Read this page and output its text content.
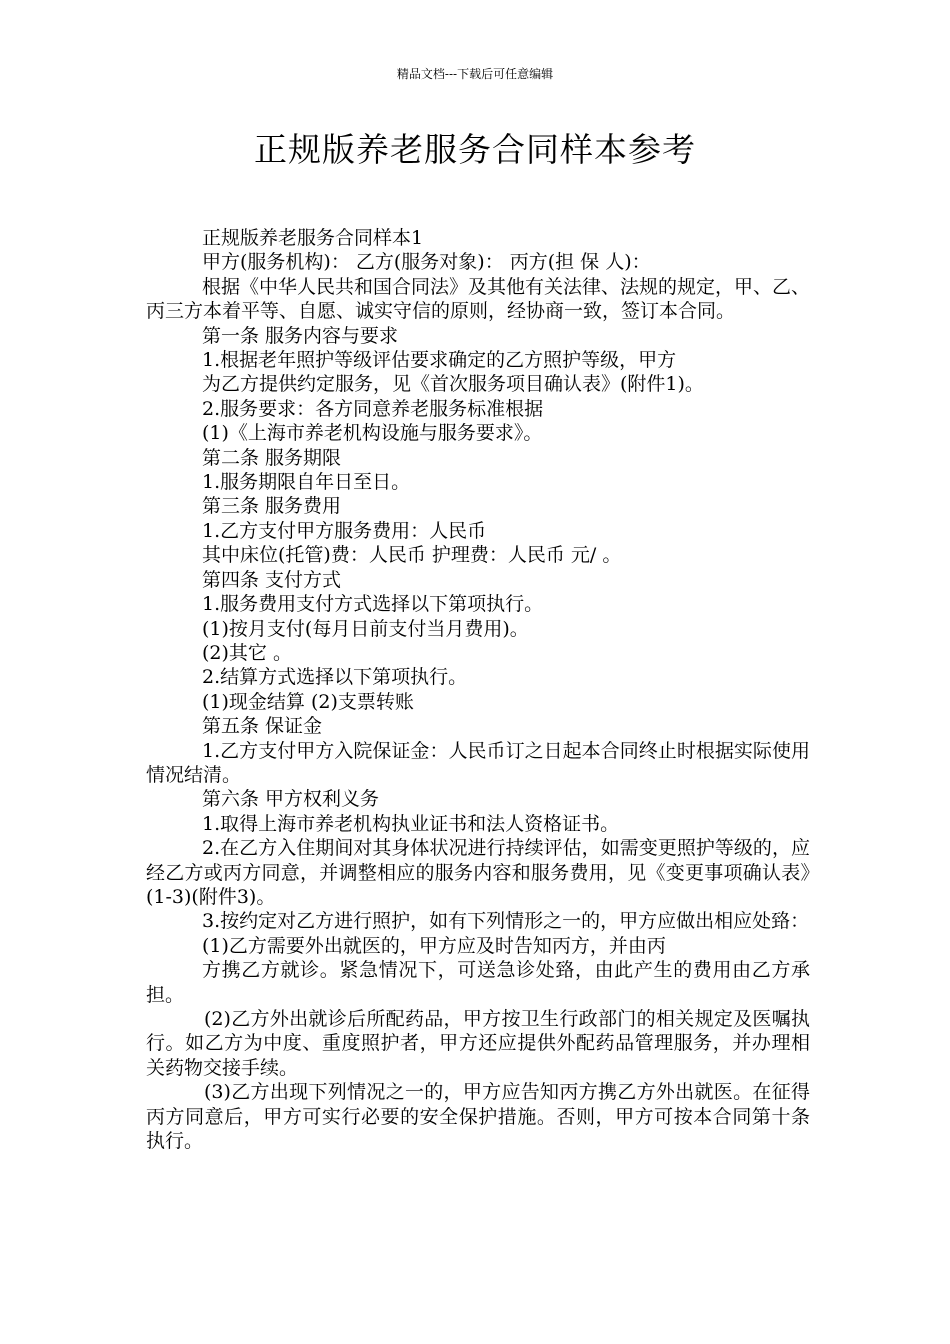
精品文档---下载后可任意编辑
正规版养老服务合同样本参考

正规版养老服务合同样本1

甲方(服务机构)： 乙方(服务对象)： 丙方(担 保 人)：

根据《中华人民共和国合同法》及其他有关法律、法规的规定，甲、乙、丙三方本着平等、自愿、诚实守信的原则，经协商一致，签订本合同。

第一条 服务内容与要求

1.根据老年照护等级评估要求确定的乙方照护等级，甲方

为乙方提供约定服务，见《首次服务项目确认表》(附件1)。

2.服务要求：各方同意养老服务标准根据

(1)《上海市养老机构设施与服务要求》。

第二条 服务期限

1.服务期限自年日至日。

第三条 服务费用

1.乙方支付甲方服务费用：人民币

其中床位(托管)费：人民币 护理费：人民币 元/ 。

第四条 支付方式

1.服务费用支付方式选择以下第项执行。

(1)按月支付(每月日前支付当月费用)。

(2)其它 。

2.结算方式选择以下第项执行。

(1)现金结算 (2)支票转账

第五条 保证金

1.乙方支付甲方入院保证金：人民币订之日起本合同终止时根据实际使用情况结清。

第六条 甲方权利义务

1.取得上海市养老机构执业证书和法人资格证书。

2.在乙方入住期间对其身体状况进行持续评估，如需变更照护等级的，应经乙方或丙方同意，并调整相应的服务内容和服务费用，见《变更事项确认表》(1-3)(附件3)。

3.按约定对乙方进行照护，如有下列情形之一的，甲方应做出相应处臵：

(1)乙方需要外出就医的，甲方应及时告知丙方，并由丙

方携乙方就诊。紧急情况下，可送急诊处臵，由此产生的费用由乙方承担。

(2)乙方外出就诊后所配药品，甲方按卫生行政部门的相关规定及医嘱执行。如乙方为中度、重度照护者，甲方还应提供外配药品管理服务，并办理相关药物交接手续。

(3)乙方出现下列情况之一的，甲方应告知丙方携乙方外出就医。在征得丙方同意后，甲方可实行必要的安全保护措施。否则，甲方可按本合同第十条执行。
